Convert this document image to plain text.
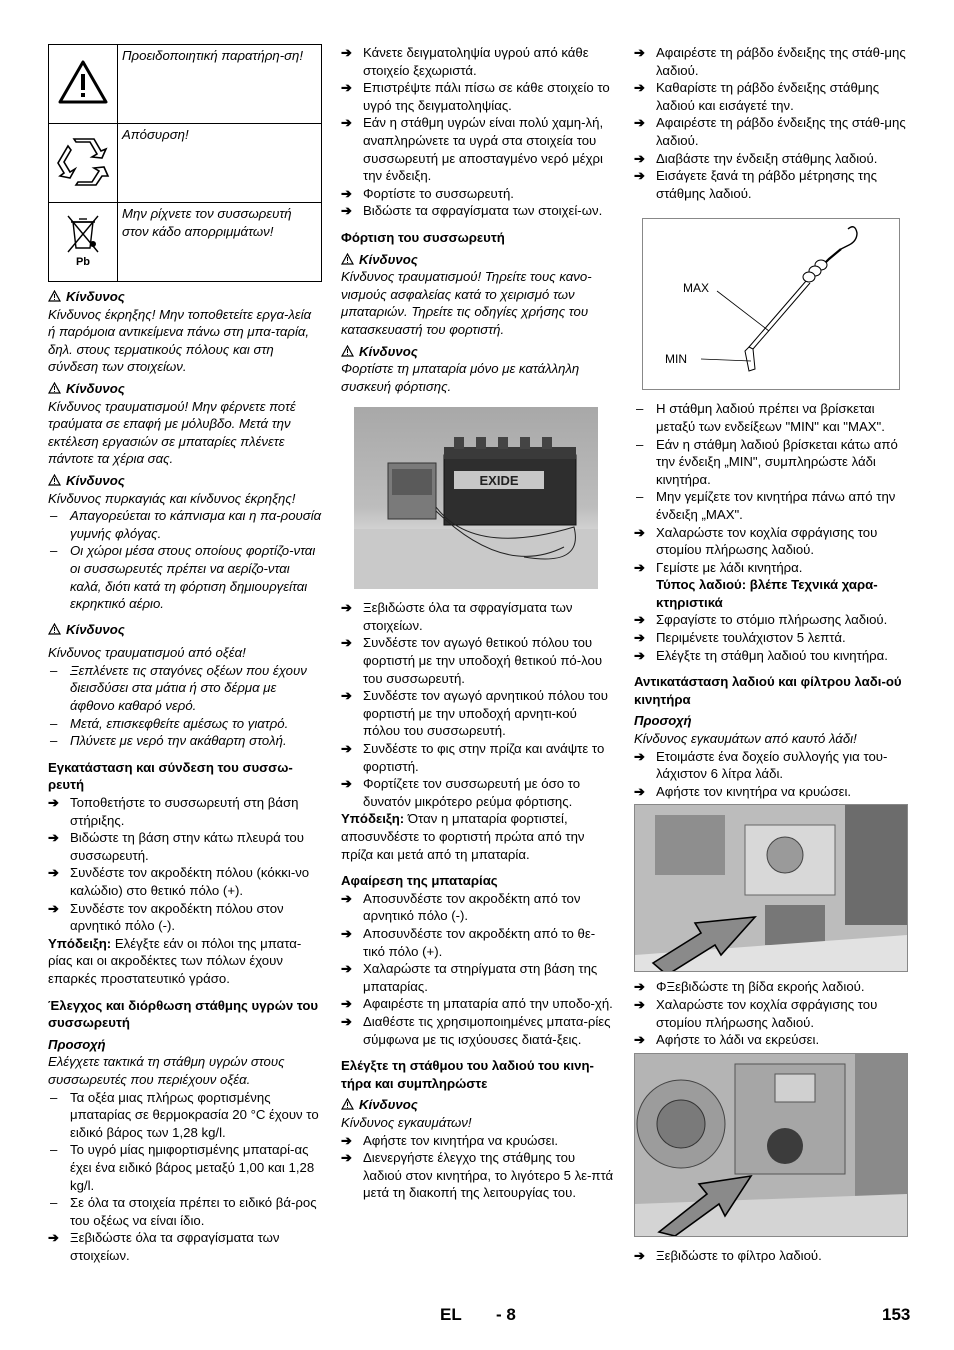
	Προειδοποιητική παρατήρη-ση!
	Απόσυρση!

Pb	Μην ρίχνετε τον συσσωρευτή στον κάδο απορριμμάτων!
Κίνδυνος
Κίνδυνος έκρηξης! Μην τοποθετείτε εργα-λεία ή παρόμοια αντικείμενα πάνω στη μπα-ταρία, δηλ. στους τερματικούς πόλους και στη σύνδεση των στοιχείων.
Κίνδυνος
Κίνδυνος τραυματισμού! Μην φέρνετε ποτέ τραύματα σε επαφή με μόλυβδο. Μετά την εκτέλεση εργασιών σε μπαταρίες πλένετε πάντοτε τα χέρια σας.
Κίνδυνος
Κίνδυνος πυρκαγιάς και κίνδυνος έκρηξης!
– Απαγορεύεται το κάπνισμα και η πα-ρουσία γυμνής φλόγας.
– Οι χώροι μέσα στους οποίους φορτίζο-νται οι συσσωρευτές πρέπει να αερίζο-νται καλά, διότι κατά τη φόρτιση δημιουργείται εκρηκτικό αέριο.
Κίνδυνος
Κίνδυνος τραυματισμού από οξέα!
– Ξεπλένετε τις σταγόνες οξέων που έχουν διεισδύσει στα μάτια ή στο δέρμα με άφθονο καθαρό νερό.
– Μετά, επισκεφθείτε αμέσως το γιατρό.
– Πλύνετε με νερό την ακάθαρτη στολή.
Εγκατάσταση και σύνδεση του συσσω-ρευτή
➔ Τοποθετήστε το συσσωρευτή στη βάση στήριξης.
➔ Βιδώστε τη βάση στην κάτω πλευρά του συσσωρευτή.
➔ Συνδέστε τον ακροδέκτη πόλου (κόκκι-νο καλώδιο) στο θετικό πόλο (+).
➔ Συνδέστε τον ακροδέκτη πόλου στον αρνητικό πόλο (-).
Υπόδειξη: Ελέγξτε εάν οι πόλοι της μπατα-ρίας και οι ακροδέκτες των πόλων έχουν επαρκές προστατευτικό γράσο.
Έλεγχος και διόρθωση στάθμης υγρών του συσσωρευτή
Προσοχή
Ελέγχετε τακτικά τη στάθμη υγρών στους συσσωρευτές που περιέχουν οξέα.
– Τα οξέα μιας πλήρως φορτισμένης μπαταρίας σε θερμοκρασία 20 °C έχουν το ειδικό βάρος των 1,28 kg/l.
– Το υγρό μίας ημιφορτισμένης μπαταρί-ας έχει ένα ειδικό βάρος μεταξύ 1,00 και 1,28 kg/l.
– Σε όλα τα στοιχεία πρέπει το ειδικό βά-ρος του οξέως να είναι ίδιο.
➔ Ξεβιδώστε όλα τα σφραγίσματα των στοιχείων.
➔ Κάνετε δειγματοληψία υγρού από κάθε στοιχείο ξεχωριστά.
➔ Επιστρέψτε πάλι πίσω σε κάθε στοιχείο το υγρό της δειγματοληψίας.
➔ Εάν η στάθμη υγρών είναι πολύ χαμη-λή, αναπληρώνετε τα υγρά στα στοιχεία του συσσωρευτή με αποσταγμένο νερό μέχρι την ένδειξη.
➔ Φορτίστε το συσσωρευτή.
➔ Βιδώστε τα σφραγίσματα των στοιχεί-ων.
Φόρτιση του συσσωρευτή
Κίνδυνος
Κίνδυνος τραυματισμού! Τηρείτε τους κανο-νισμούς ασφαλείας κατά το χειρισμό των μπαταριών. Τηρείτε τις οδηγίες χρήσης του κατασκευαστή του φορτιστή.
Κίνδυνος
Φορτίστε τη μπαταρία μόνο με κατάλληλη συσκευή φόρτισης.
EXIDE
➔ Ξεβιδώστε όλα τα σφραγίσματα των στοιχείων.
➔ Συνδέστε τον αγωγό θετικού πόλου του φορτιστή με την υποδοχή θετικού πό-λου του συσσωρευτή.
➔ Συνδέστε τον αγωγό αρνητικού πόλου του φορτιστή με την υποδοχή αρνητι-κού πόλου του συσσωρευτή.
➔ Συνδέστε το φις στην πρίζα και ανάψτε το φορτιστή.
➔ Φορτίζετε τον συσσωρευτή με όσο το δυνατόν μικρότερο ρεύμα φόρτισης.
Υπόδειξη: Όταν η μπαταρία φορτιστεί, αποσυνδέστε το φορτιστή πρώτα από την πρίζα και μετά από τη μπαταρία.
Αφαίρεση της μπαταρίας
➔ Αποσυνδέστε τον ακροδέκτη από τον αρνητικό πόλο (-).
➔ Αποσυνδέστε τον ακροδέκτη από το θε-τικό πόλο (+).
➔ Χαλαρώστε τα στηρίγματα στη βάση της μπαταρίας.
➔ Αφαιρέστε τη μπαταρία από την υποδο-χή.
➔ Διαθέστε τις χρησιμοποιημένες μπατα-ρίες σύμφωνα με τις ισχύουσες διατά-ξεις.
Ελέγξτε τη στάθμου του λαδιού του κινη-τήρα και συμπληρώστε
Κίνδυνος
Κίνδυνος εγκαυμάτων!
➔ Αφήστε τον κινητήρα να κρυώσει.
➔ Διενεργήστε έλεγχο της στάθμης του λαδιού στον κινητήρα, το λιγότερο 5 λε-πτά μετά τη διακοπή της λειτουργίας του.
➔ Αφαιρέστε τη ράβδο ένδειξης της στάθ-μης λαδιού.
➔ Καθαρίστε τη ράβδο ένδειξης στάθμης λαδιού και εισάγετέ την.
➔ Αφαιρέστε τη ράβδο ένδειξης της στάθ-μης λαδιού.
➔ Διαβάστε την ένδειξη στάθμης λαδιού.
➔ Εισάγετε ξανά τη ράβδο μέτρησης της στάθμης λαδιού.
MAX
MIN
– Η στάθμη λαδιού πρέπει να βρίσκεται μεταξύ των ενδείξεων "MIN" και "MAX".
– Εάν η στάθμη λαδιού βρίσκεται κάτω από την ένδειξη „MIN", συμπληρώστε λάδι κινητήρα.
– Μην γεμίζετε τον κινητήρα πάνω από την ένδειξη „MAX".
➔ Χαλαρώστε τον κοχλία σφράγισης του στομίου πλήρωσης λαδιού.
➔ Γεμίστε με λάδι κινητήρα.
Τύπος λαδιού: βλέπε Τεχνικά χαρα-κτηριστικά
➔ Σφραγίστε το στόμιο πλήρωσης λαδιού.
➔ Περιμένετε τουλάχιστον 5 λεπτά.
➔ Ελέγξτε τη στάθμη λαδιού του κινητήρα.
Αντικατάσταση λαδιού και φίλτρου λαδι-ού κινητήρα
Προσοχή
Κίνδυνος εγκαυμάτων από καυτό λάδι!
➔ Ετοιμάστε ένα δοχείο συλλογής για του-λάχιστον 6 λίτρα λάδι.
➔ Αφήστε τον κινητήρα να κρυώσει.
➔ ΦΞεβιδώστε τη βίδα εκροής λαδιού.
➔ Χαλαρώστε τον κοχλία σφράγισης του στομίου πλήρωσης λαδιού.
➔ Αφήστε το λάδι να εκρεύσει.
➔ Ξεβιδώστε το φίλτρο λαδιού.
EL - 8	153
